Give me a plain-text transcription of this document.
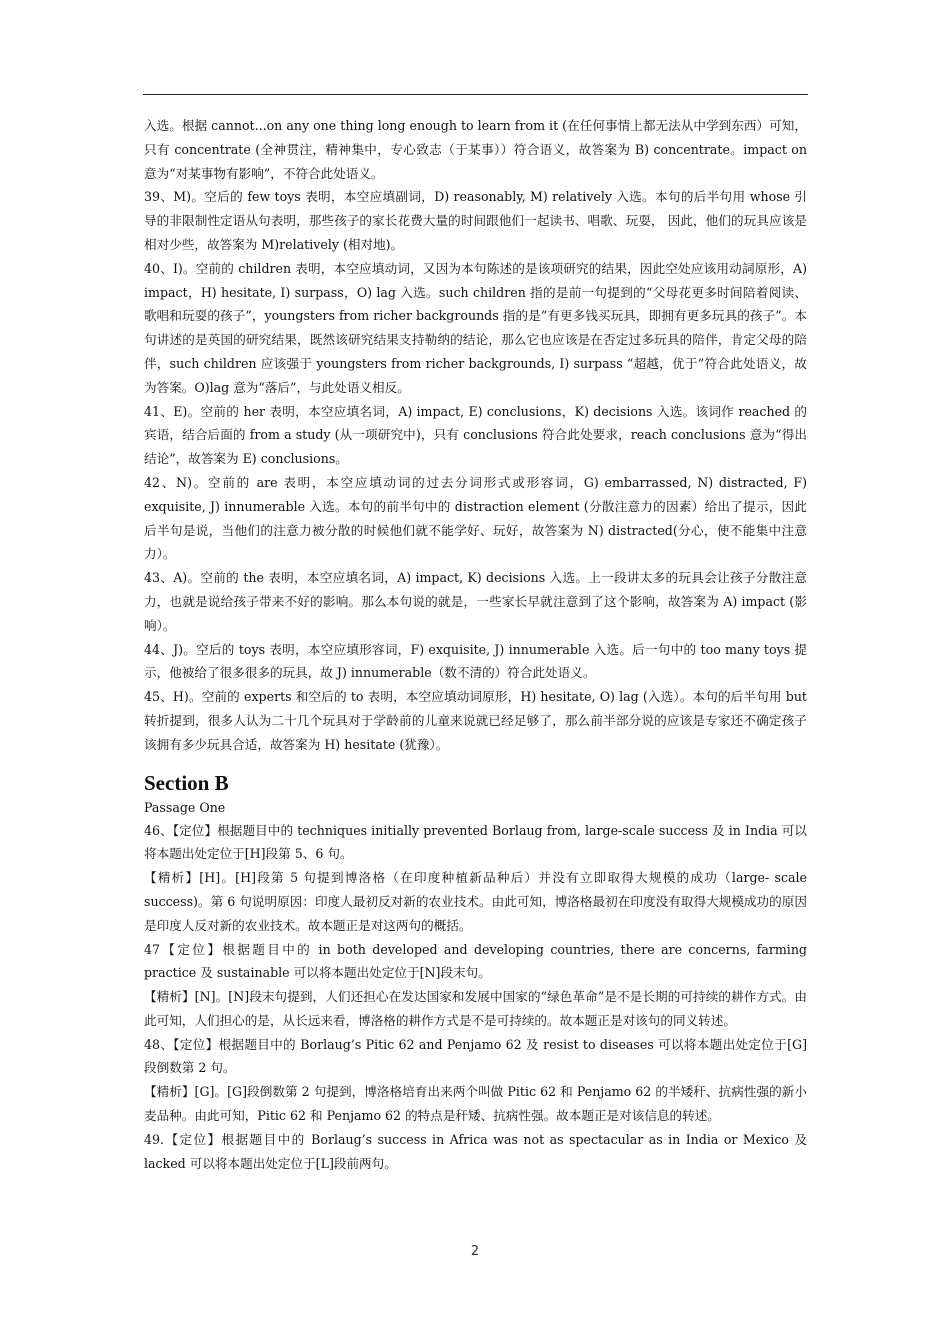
入选。根据 cannot...on any one thing long enough to learn from it (在任何事情上都无法从中学到东西）可知，只有 concentrate (全神贯注，精神集中，专心致志（于某事））符合语义，故答案为 B) concentrate。impact on 意为“对某事物有影响”，不符合此处语义。

39、M)。空后的 few toys 表明，本空应填副词，D) reasonably, M) relatively 入选。本句的后半句用 whose 引导的非限制性定语从句表明，那些孩子的家长花费大量的时间跟他们一起读书、唱歌、玩耍， 因此，他们的玩具应该是相对少些，故答案为 M)relatively (相对地)。

40、I)。空前的 children 表明，本空应填动词，又因为本句陈述的是该项研究的结果，因此空处应该用动詞原形，A) impact，H) hesitate, I) surpass，O) lag 入选。such children 指的是前一句提到的“父母花更多时间陪着阅读、歌唱和玩耍的孩子”，youngsters from richer backgrounds 指的是“有更多钱买玩具，即拥有更多玩具的孩子”。本句讲述的是英国的研究结果，既然该研究结果支持勒纳的结论，那么它也应该是在否定过多玩具的陪伴，肯定父母的陪伴，such children 应该强于 youngsters from richer backgrounds, I) surpass “超越，优于”符合此处语义，故为答案。O)lag 意为“落后”，与此处语义相反。

41、E)。空前的 her 表明，本空应填名词，A) impact, E) conclusions，K) decisions 入选。该词作 reached 的宾语，结合后面的 from a study (从一项研究中)，只有 conclusions 符合此处要求，reach conclusions 意为“得出结论”，故答案为 E) conclusions。

42、N)。空前的 are 表明，本空应填动词的过去分词形式或形容词，G) embarrassed, N) distracted, F) exquisite, J) innumerable 入选。本句的前半句中的 distraction element (分散注意力的因素）给出了提示，因此后半句是说，当他们的注意力被分散的时候他们就不能学好、玩好，故答案为 N) distracted(分心，使不能集中注意力）。

43、A)。空前的 the 表明，本空应填名词，A) impact, K) decisions 入选。上一段讲太多的玩具会让孩子分散注意力，也就是说给孩子带来不好的影响。那么本句说的就是，一些家长早就注意到了这个影响，故答案为 A) impact (影响）。

44、J)。空后的 toys 表明，本空应填形容词，F) exquisite, J) innumerable 入选。后一句中的 too many toys 提示，他被给了很多很多的玩具，故 J) innumerable（数不清的）符合此处语义。

45、H)。空前的 experts 和空后的 to 表明，本空应填动词原形，H) hesitate, O) lag (入选）。本句的后半句用 but 转折提到，很多人认为二十几个玩具对于学龄前的儿童来说就已经足够了，那么前半部分说的应该是专家还不确定孩子该拥有多少玩具合适，故答案为 H) hesitate (犹豫）。

Section B

Passage One

46、【定位】根据题目中的 techniques initially prevented Borlaug from, large-scale success 及 in India 可以将本题出处定位于[H]段第 5、6 句。

【精析】[H]。[H]段第 5 句提到博洛格（在印度种植新品种后）并没有立即取得大规模的成功（large- scale success)。第 6 句说明原因：印度人最初反对新的农业技术。由此可知，博洛格最初在印度没有取得大规模成功的原因是印度人反对新的农业技术。故本题正是对这两句的概括。

47【定位】根据题目中的 in both developed and developing countries, there are concerns, farming practice 及 sustainable 可以将本题出处定位于[N]段末句。

【精析】[N]。[N]段末句提到，人们还担心在发达国家和发展中国家的“绿色革命”是不是长期的可持续的耕作方式。由此可知，人们担心的是，从长远来看，博洛格的耕作方式是不是可持续的。故本题正是对该句的同义转述。

48、【定位】根据题目中的 Borlaug’s Pitic 62 and Penjamo 62 及 resist to diseases 可以将本题出处定位于[G]段倒数第 2 句。

【精析】[G]。[G]段倒数第 2 句提到，博洛格培育出来两个叫做 Pitic 62 和 Penjamo 62 的半矮秆、抗病性强的新小麦品种。由此可知，Pitic 62 和 Penjamo 62 的特点是秆矮、抗病性强。故本题正是对该信息的转述。

49.【定位】根据题目中的 Borlaug’s success in Africa was not as spectacular as in India or Mexico 及 lacked 可以将本题出处定位于[L]段前两句。

2
